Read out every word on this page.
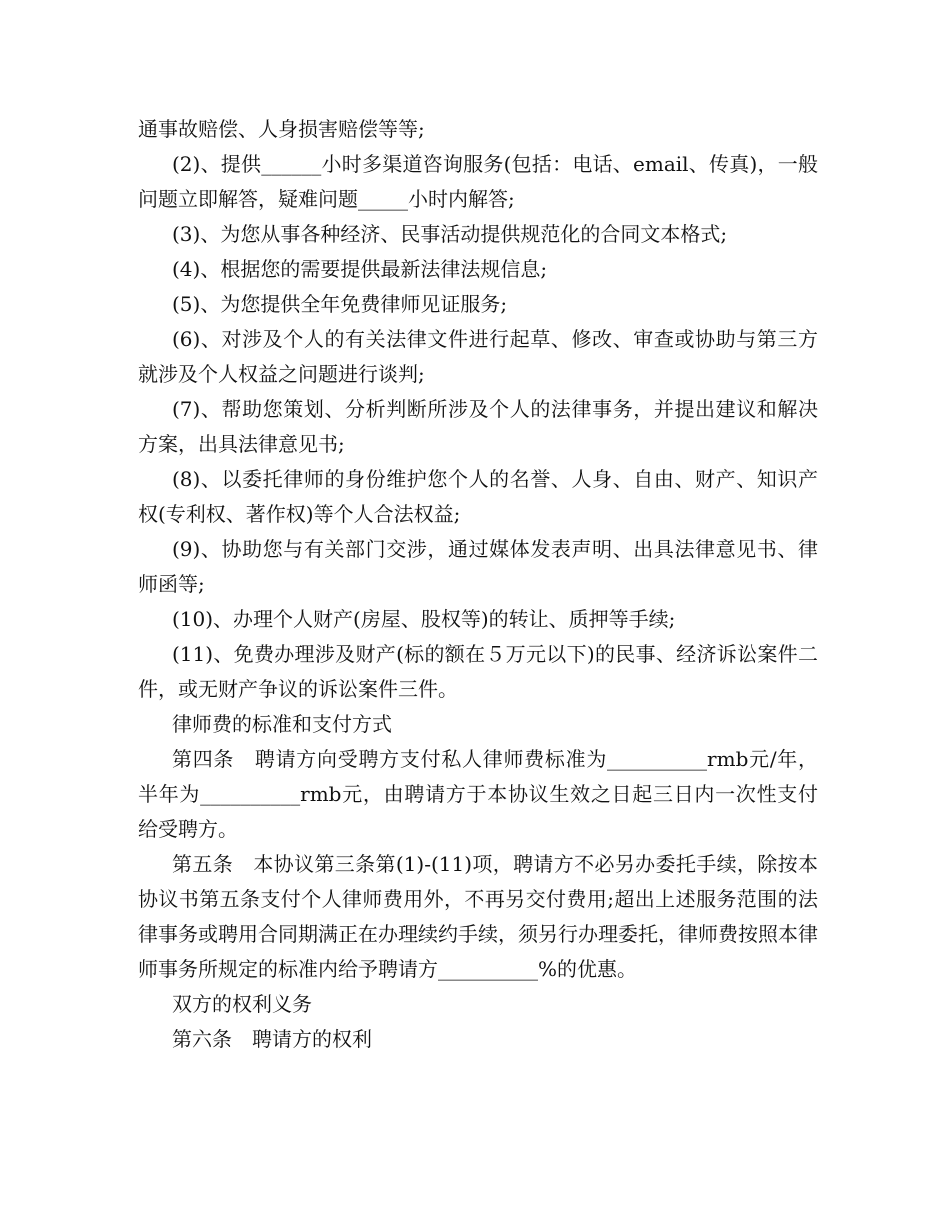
通事故赔偿、人身损害赔偿等等;

(2)、提供______小时多渠道咨询服务(包括：电话、email、传真)，一般问题立即解答，疑难问题_____小时内解答;

(3)、为您从事各种经济、民事活动提供规范化的合同文本格式;

(4)、根据您的需要提供最新法律法规信息;

(5)、为您提供全年免费律师见证服务;

(6)、对涉及个人的有关法律文件进行起草、修改、审查或协助与第三方就涉及个人权益之问题进行谈判;

(7)、帮助您策划、分析判断所涉及个人的法律事务，并提出建议和解决方案，出具法律意见书;

(8)、以委托律师的身份维护您个人的名誉、人身、自由、财产、知识产权(专利权、著作权)等个人合法权益;

(9)、协助您与有关部门交涉，通过媒体发表声明、出具法律意见书、律师函等;

(10)、办理个人财产(房屋、股权等)的转让、质押等手续;

(11)、免费办理涉及财产(标的额在５万元以下)的民事、经济诉讼案件二件，或无财产争议的诉讼案件三件。

律师费的标准和支付方式

第四条　聘请方向受聘方支付私人律师费标准为__________rmb元/年，半年为__________rmb元，由聘请方于本协议生效之日起三日内一次性支付给受聘方。

第五条　本协议第三条第(1)-(11)项，聘请方不必另办委托手续，除按本协议书第五条支付个人律师费用外，不再另交付费用;超出上述服务范围的法律事务或聘用合同期满正在办理续约手续，须另行办理委托，律师费按照本律师事务所规定的标准内给予聘请方__________%的优惠。

双方的权利义务

第六条　聘请方的权利
